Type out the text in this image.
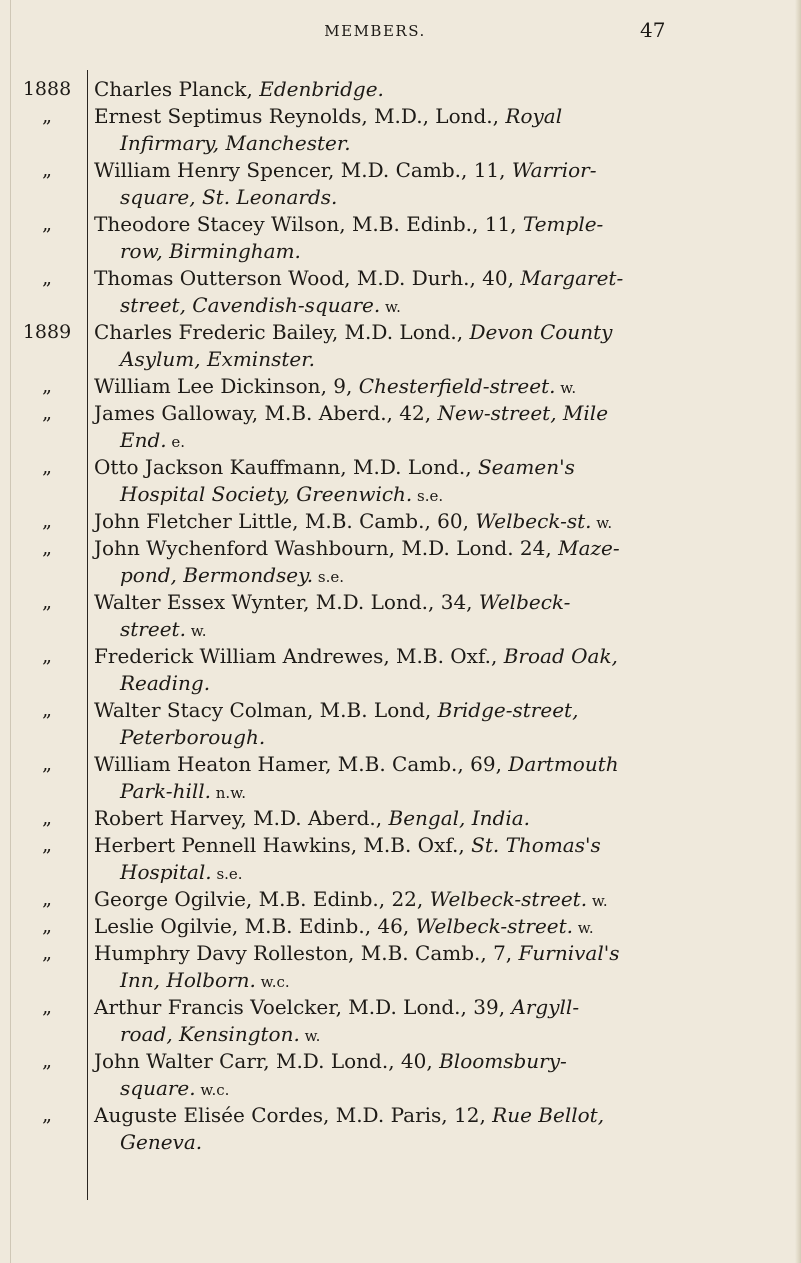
MEMBERS.	47
1888
„
„
„
„
1889
„
„
„
„
„
„
„
„
„
„
„
„
„
„
„
„
„
Charles Planck, Edenbridge.
Ernest Septimus Reynolds, M.D., Lond., Royal
Infirmary, Manchester.
William Henry Spencer, M.D. Camb., 11, Warrior-
square, St. Leonards.
Theodore Stacey Wilson, M.B. Edinb., 11, Temple-
row, Birmingham.
Thomas Outterson Wood, M.D. Durh., 40, Margaret-
street, Cavendish-square. w.
Charles Frederic Bailey, M.D. Lond., Devon County
Asylum, Exminster.
William Lee Dickinson, 9, Chesterfield-street. w.
James Galloway, M.B. Aberd., 42, New-street, Mile
End. e.
Otto Jackson Kauffmann, M.D. Lond., Seamen's
Hospital Society, Greenwich. s.e.
John Fletcher Little, M.B. Camb., 60, Welbeck-st. w.
John Wychenford Washbourn, M.D. Lond. 24, Maze-
pond, Bermondsey. s.e.
Walter Essex Wynter, M.D. Lond., 34, Welbeck-
street. w.
Frederick William Andrewes, M.B. Oxf., Broad Oak,
Reading.
Walter Stacy Colman, M.B. Lond, Bridge-street,
Peterborough.
William Heaton Hamer, M.B. Camb., 69, Dartmouth
Park-hill. n.w.
Robert Harvey, M.D. Aberd., Bengal, India.
Herbert Pennell Hawkins, M.B. Oxf., St. Thomas's
Hospital. s.e.
George Ogilvie, M.B. Edinb., 22, Welbeck-street. w.
Leslie Ogilvie, M.B. Edinb., 46, Welbeck-street. w.
Humphry Davy Rolleston, M.B. Camb., 7, Furnival's
Inn, Holborn. w.c.
Arthur Francis Voelcker, M.D. Lond., 39, Argyll-
road, Kensington. w.
John Walter Carr, M.D. Lond., 40, Bloomsbury-
square. w.c.
Auguste Elisée Cordes, M.D. Paris, 12, Rue Bellot,
Geneva.
